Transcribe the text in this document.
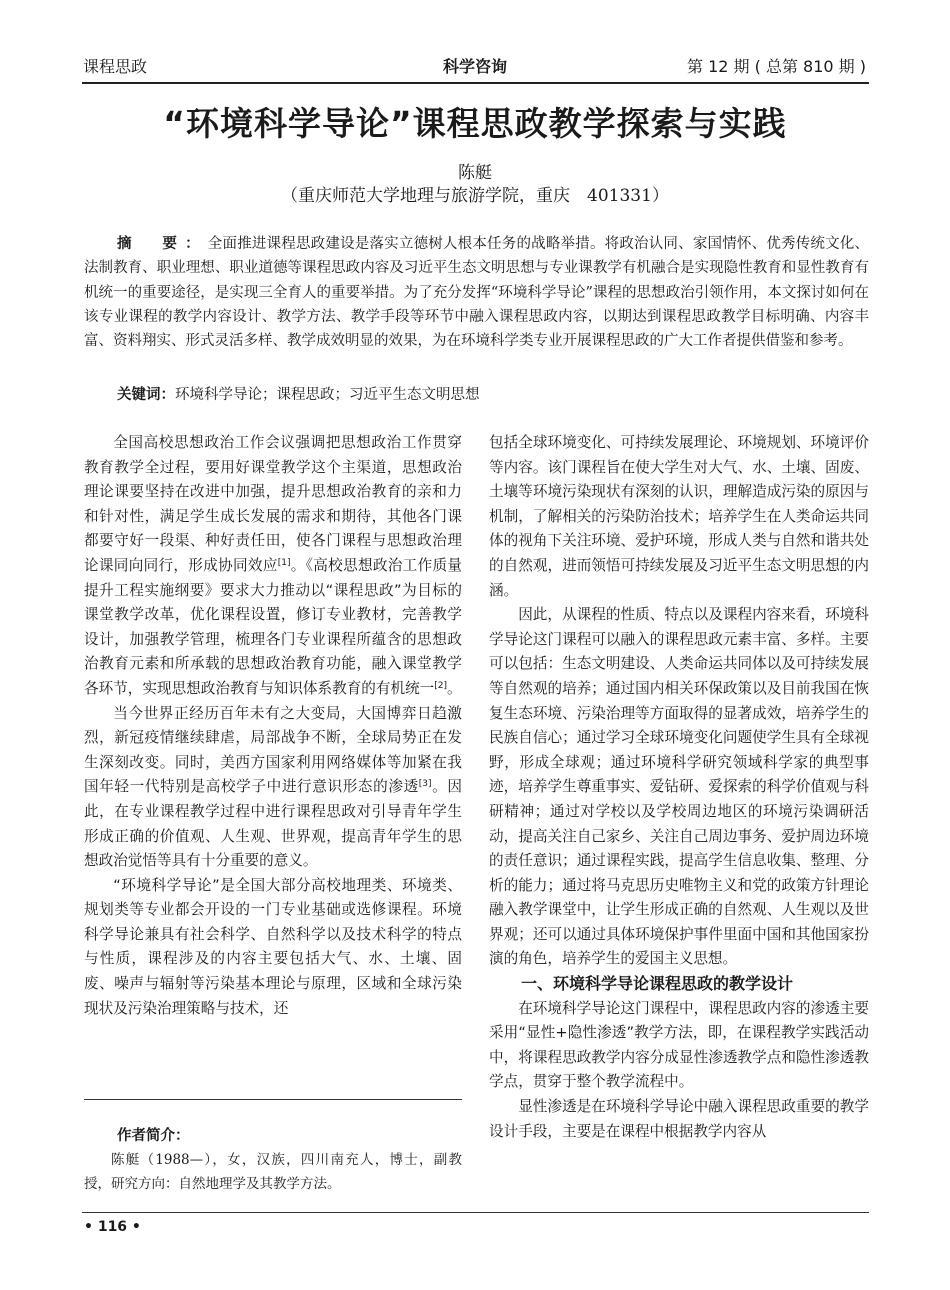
课程思政	科学咨询	第 12 期 ( 总第 810 期 )
“环境科学导论”课程思政教学探索与实践
陈艇
（重庆师范大学地理与旅游学院，重庆　401331）
摘　要：全面推进课程思政建设是落实立德树人根本任务的战略举措。将政治认同、家国情怀、优秀传统文化、法制教育、职业理想、职业道德等课程思政内容及习近平生态文明思想与专业课教学有机融合是实现隐性教育和显性教育有机统一的重要途径，是实现三全育人的重要举措。为了充分发挥“环境科学导论”课程的思想政治引领作用，本文探讨如何在该专业课程的教学内容设计、教学方法、教学手段等环节中融入课程思政内容，以期达到课程思政教学目标明确、内容丰富、资料翔实、形式灵活多样、教学成效明显的效果，为在环境科学类专业开展课程思政的广大工作者提供借鉴和参考。
关键词：环境科学导论；课程思政；习近平生态文明思想

全国高校思想政治工作会议强调把思想政治工作贯穿教育教学全过程，要用好课堂教学这个主渠道，思想政治理论课要坚持在改进中加强，提升思想政治教育的亲和力和针对性，满足学生成长发展的需求和期待，其他各门课都要守好一段渠、种好责任田，使各门课程与思想政治理论课同向同行，形成协同效应[1]。《高校思想政治工作质量提升工程实施纲要》要求大力推动以“课程思政”为目标的课堂教学改革，优化课程设置，修订专业教材，完善教学设计，加强教学管理，梳理各门专业课程所蕴含的思想政治教育元素和所承载的思想政治教育功能，融入课堂教学各环节，实现思想政治教育与知识体系教育的有机统一[2]。

当今世界正经历百年未有之大变局，大国博弈日趋激烈，新冠疫情继续肆虐，局部战争不断，全球局势正在发生深刻改变。同时，美西方国家利用网络媒体等加紧在我国年轻一代特别是高校学子中进行意识形态的渗透[3]。因此，在专业课程教学过程中进行课程思政对引导青年学生形成正确的价值观、人生观、世界观，提高青年学生的思想政治觉悟等具有十分重要的意义。

“环境科学导论”是全国大部分高校地理类、环境类、规划类等专业都会开设的一门专业基础或选修课程。环境科学导论兼具有社会科学、自然科学以及技术科学的特点与性质，课程涉及的内容主要包括大气、水、土壤、固废、噪声与辐射等污染基本理论与原理，区域和全球污染现状及污染治理策略与技术，还

包括全球环境变化、可持续发展理论、环境规划、环境评价等内容。该门课程旨在使大学生对大气、水、土壤、固废、土壤等环境污染现状有深刻的认识，理解造成污染的原因与机制，了解相关的污染防治技术；培养学生在人类命运共同体的视角下关注环境、爱护环境，形成人类与自然和谐共处的自然观，进而领悟可持续发展及习近平生态文明思想的内涵。

因此，从课程的性质、特点以及课程内容来看，环境科学导论这门课程可以融入的课程思政元素丰富、多样。主要可以包括：生态文明建设、人类命运共同体以及可持续发展等自然观的培养；通过国内相关环保政策以及目前我国在恢复生态环境、污染治理等方面取得的显著成效，培养学生的民族自信心；通过学习全球环境变化问题使学生具有全球视野，形成全球观；通过环境科学研究领域科学家的典型事迹，培养学生尊重事实、爱钻研、爱探索的科学价值观与科研精神；通过对学校以及学校周边地区的环境污染调研活动，提高关注自己家乡、关注自己周边事务、爱护周边环境的责任意识；通过课程实践，提高学生信息收集、整理、分析的能力；通过将马克思历史唯物主义和党的政策方针理论融入教学课堂中，让学生形成正确的自然观、人生观以及世界观；还可以通过具体环境保护事件里面中国和其他国家扮演的角色，培养学生的爱国主义思想。

一、环境科学导论课程思政的教学设计

在环境科学导论这门课程中，课程思政内容的渗透主要采用“显性+隐性渗透”教学方法，即，在课程教学实践活动中，将课程思政教学内容分成显性渗透教学点和隐性渗透教学点，贯穿于整个教学流程中。

显性渗透是在环境科学导论中融入课程思政重要的教学设计手段，主要是在课程中根据教学内容从

作者简介：
陈艇（1988—），女，汉族，四川南充人，博士，副教授，研究方向：自然地理学及其教学方法。
• 116 •
